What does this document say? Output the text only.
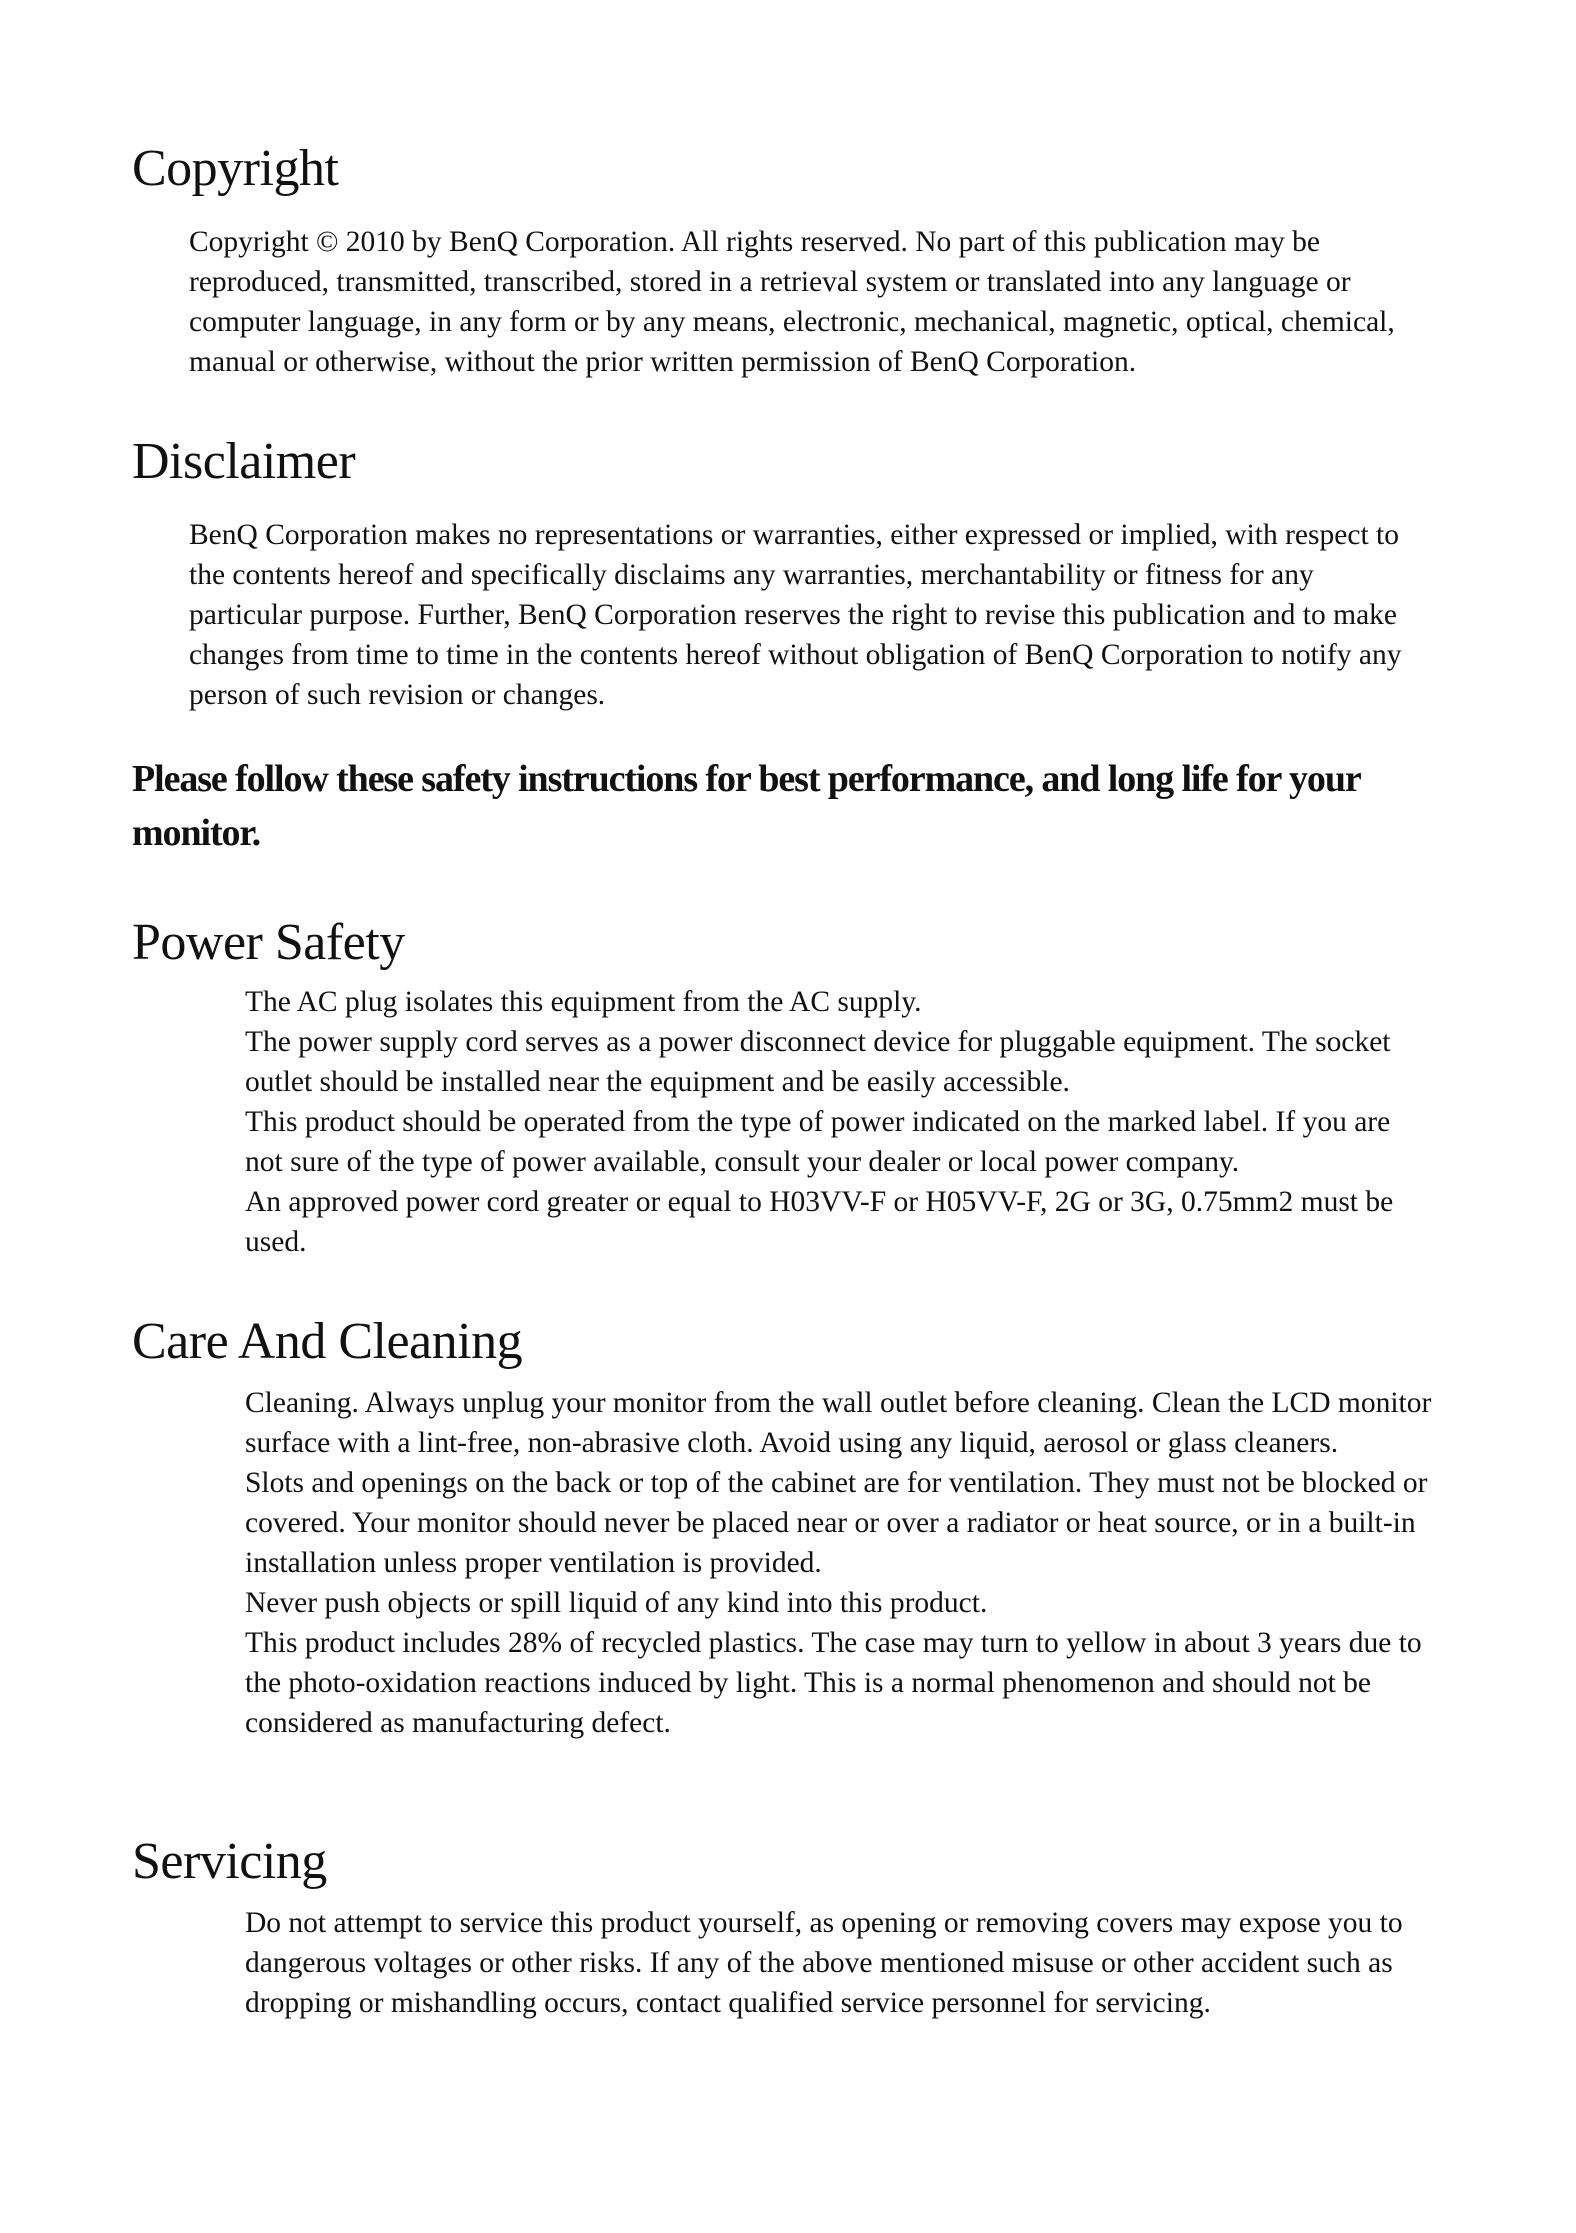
Copyright

Copyright © 2010 by BenQ Corporation. All rights reserved. No part of this publication may be reproduced, transmitted, transcribed, stored in a retrieval system or translated into any language or computer language, in any form or by any means, electronic, mechanical, magnetic, optical, chemical, manual or otherwise, without the prior written permission of BenQ Corporation.

Disclaimer

BenQ Corporation makes no representations or warranties, either expressed or implied, with respect to the contents hereof and specifically disclaims any warranties, merchantability or fitness for any particular purpose. Further, BenQ Corporation reserves the right to revise this publication and to make changes from time to time in the contents hereof without obligation of BenQ Corporation to notify any person of such revision or changes.

Please follow these safety instructions for best performance, and long life for your monitor.
Power Safety

The AC plug isolates this equipment from the AC supply.

The power supply cord serves as a power disconnect device for pluggable equipment. The socket outlet should be installed near the equipment and be easily accessible.

This product should be operated from the type of power indicated on the marked label. If you are not sure of the type of power available, consult your dealer or local power company.

An approved power cord greater or equal to H03VV-F or H05VV-F, 2G or 3G, 0.75mm2 must be used.

Care And Cleaning

Cleaning. Always unplug your monitor from the wall outlet before cleaning. Clean the LCD monitor surface with a lint-free, non-abrasive cloth. Avoid using any liquid, aerosol or glass cleaners.

Slots and openings on the back or top of the cabinet are for ventilation. They must not be blocked or covered. Your monitor should never be placed near or over a radiator or heat source, or in a built-in installation unless proper ventilation is provided.

Never push objects or spill liquid of any kind into this product.

This product includes 28% of recycled plastics. The case may turn to yellow in about 3 years due to the photo-oxidation reactions induced by light. This is a normal phenomenon and should not be considered as manufacturing defect.

Servicing

Do not attempt to service this product yourself, as opening or removing covers may expose you to dangerous voltages or other risks. If any of the above mentioned misuse or other accident such as dropping or mishandling occurs, contact qualified service personnel for servicing.
